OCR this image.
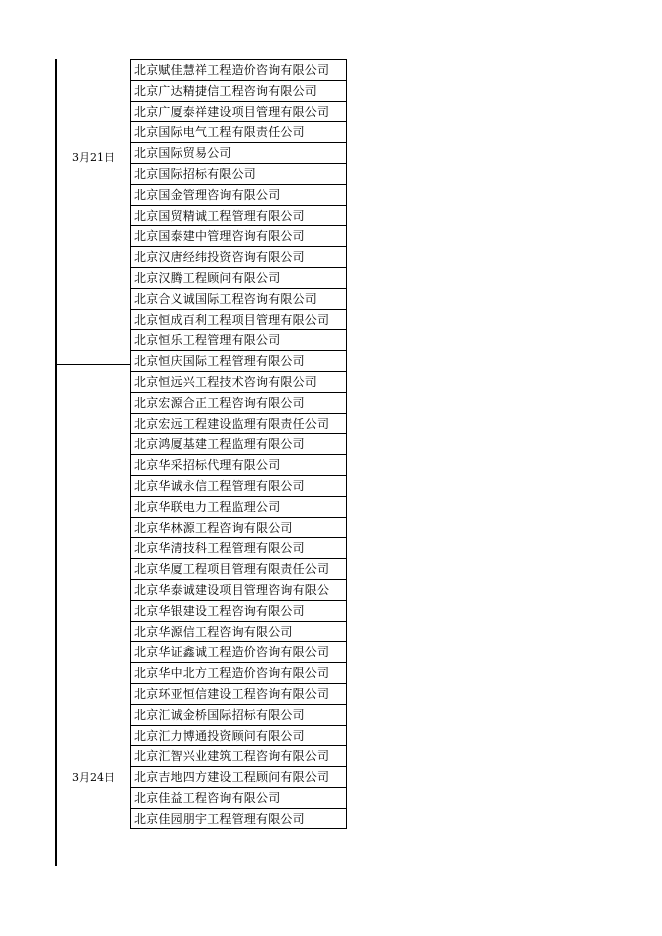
3月21日
3月24日
北京赋佳慧祥工程造价咨询有限公司
北京广达精捷信工程咨询有限公司
北京广厦泰祥建设项目管理有限公司
北京国际电气工程有限责任公司
北京国际贸易公司
北京国际招标有限公司
北京国金管理咨询有限公司
北京国贸精诚工程管理有限公司
北京国泰建中管理咨询有限公司
北京汉唐经纬投资咨询有限公司
北京汉腾工程顾问有限公司
北京合义诚国际工程咨询有限公司
北京恒成百利工程项目管理有限公司
北京恒乐工程管理有限公司
北京恒庆国际工程管理有限公司
北京恒远兴工程技术咨询有限公司
北京宏源合正工程咨询有限公司
北京宏远工程建设监理有限责任公司
北京鸿厦基建工程监理有限公司
北京华采招标代理有限公司
北京华诚永信工程管理有限公司
北京华联电力工程监理公司
北京华林源工程咨询有限公司
北京华清技科工程管理有限公司
北京华厦工程项目管理有限责任公司
北京华泰诚建设项目管理咨询有限公
北京华银建设工程咨询有限公司
北京华源信工程咨询有限公司
北京华证鑫诚工程造价咨询有限公司
北京华中北方工程造价咨询有限公司
北京环亚恒信建设工程咨询有限公司
北京汇诚金桥国际招标有限公司
北京汇力博通投资顾问有限公司
北京汇智兴业建筑工程咨询有限公司
北京吉地四方建设工程顾问有限公司
北京佳益工程咨询有限公司
北京佳园朋宇工程管理有限公司
